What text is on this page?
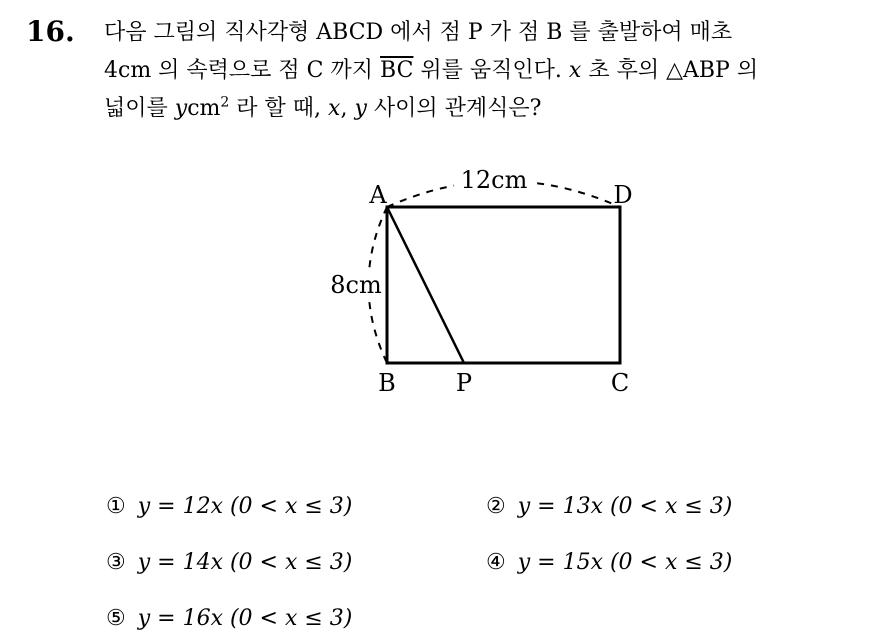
16. 다음 그림의 직사각형 ABCD 에서 점 P 가 점 B 를 출발하여 매초
4cm 의 속력으로 점 C 까지 $\overline{BC}$ 위를 움직인다. x 초 후의 △ABP 의
넓이를 ycm$^2$ 라 할 때, x, y 사이의 관계식은?
12cm
8cm
A	D
B	P	C
① y = 12x (0 < x ≤ 3)	② y = 13x (0 < x ≤ 3)
③ y = 14x (0 < x ≤ 3)	④ y = 15x (0 < x ≤ 3)
⑤ y = 16x (0 < x ≤ 3)
